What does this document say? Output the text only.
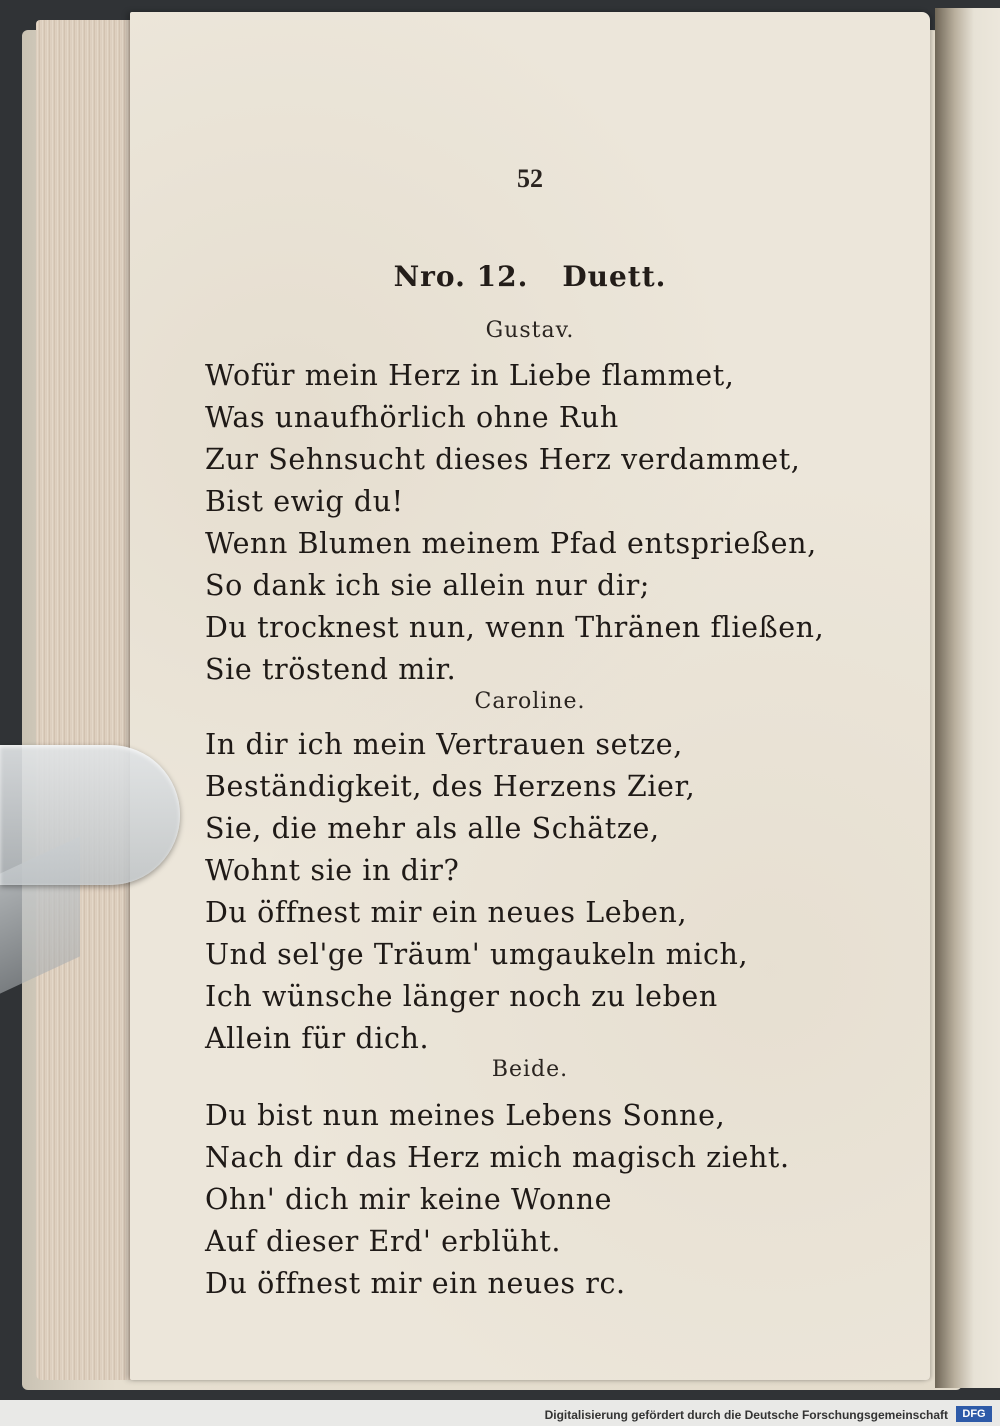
52
Nro. 12. Duett.
Gustav.
Wofür mein Herz in Liebe flammet,
Was unaufhörlich ohne Ruh
Zur Sehnsucht dieses Herz verdammet,
Bist ewig du!
Wenn Blumen meinem Pfad entsprießen,
So dank ich sie allein nur dir;
Du trocknest nun, wenn Thränen fließen,
Sie tröstend mir.
Caroline.
In dir ich mein Vertrauen setze,
Beständigkeit, des Herzens Zier,
Sie, die mehr als alle Schätze,
Wohnt sie in dir?
Du öffnest mir ein neues Leben,
Und sel'ge Träum' umgaukeln mich,
Ich wünsche länger noch zu leben
Allein für dich.
Beide.
Du bist nun meines Lebens Sonne,
Nach dir das Herz mich magisch zieht.
Ohn' dich mir keine Wonne
Auf dieser Erd' erblüht.
Du öffnest mir ein neues rc.
Digitalisierung gefördert durch die Deutsche Forschungsgemeinschaft	DFG
